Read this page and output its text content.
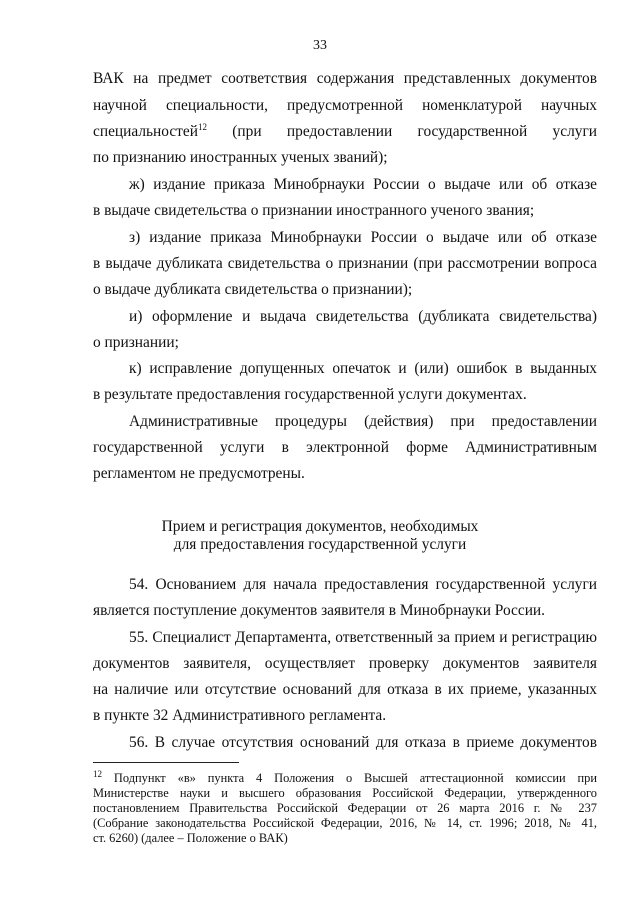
33
ВАК на предмет соответствия содержания представленных документов
научной специальности, предусмотренной номенклатурой научных
специальностей$^{12}$ (при предоставлении государственной услуги
по признанию иностранных ученых званий);
ж) издание приказа Минобрнауки России о выдаче или об отказе
в выдаче свидетельства о признании иностранного ученого звания;
з) издание приказа Минобрнауки России о выдаче или об отказе
в выдаче дубликата свидетельства о признании (при рассмотрении вопроса
о выдаче дубликата свидетельства о признании);
и) оформление и выдача свидетельства (дубликата свидетельства)
о признании;
к) исправление допущенных опечаток и (или) ошибок в выданных
в результате предоставления государственной услуги документах.
Административные процедуры (действия) при предоставлении
государственной услуги в электронной форме Административным
регламентом не предусмотрены.
Прием и регистрация документов, необходимых
для предоставления государственной услуги
54. Основанием для начала предоставления государственной услуги
является поступление документов заявителя в Минобрнауки России.
55. Специалист Департамента, ответственный за прием и регистрацию
документов заявителя, осуществляет проверку документов заявителя
на наличие или отсутствие оснований для отказа в их приеме, указанных
в пункте 32 Административного регламента.
56. В случае отсутствия оснований для отказа в приеме документов
$^{12}$ Подпункт «в» пункта 4 Положения о Высшей аттестационной комиссии при
Министерстве науки и высшего образования Российской Федерации, утвержденного
постановлением Правительства Российской Федерации от 26 марта 2016 г. № 237
(Собрание законодательства Российской Федерации, 2016, № 14, ст. 1996; 2018, № 41,
ст. 6260) (далее – Положение о ВАК)
